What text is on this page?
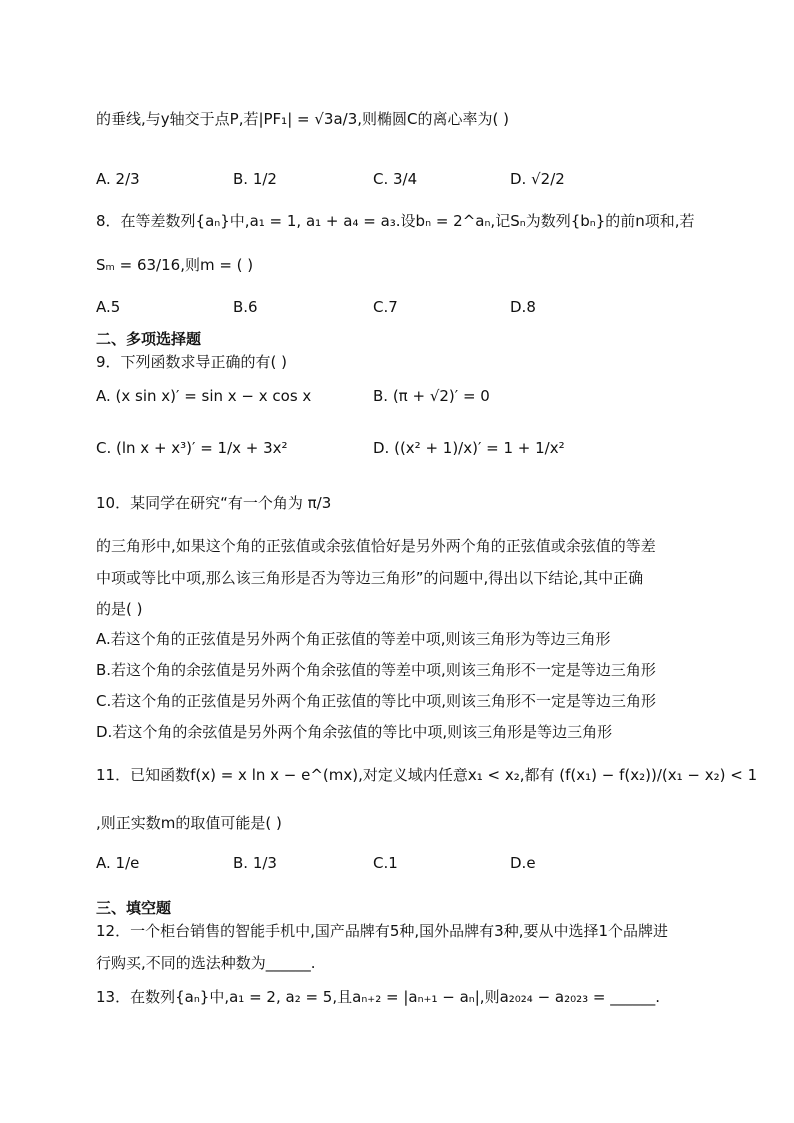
的垂线,与y轴交于点P,若|PF₁| = √3a/3,则椭圆C的离心率为( )
A. 2/3	B. 1/2	C. 3/4	D. √2/2
8．在等差数列{aₙ}中,a₁ = 1, a₁ + a₄ = a₃.设bₙ = 2^aₙ,记Sₙ为数列{bₙ}的前n项和,若
Sₘ = 63/16,则m = ( )
A.5	B.6	C.7	D.8
二、多项选择题
9．下列函数求导正确的有( )
A. (x sin x)′ = sin x − x cos x	B. (π + √2)′ = 0
C. (ln x + x³)′ = 1/x + 3x²	D. ((x² + 1)/x)′ = 1 + 1/x²
10．某同学在研究“有一个角为 π/3
的三角形中,如果这个角的正弦值或余弦值恰好是另外两个角的正弦值或余弦值的等差
中项或等比中项,那么该三角形是否为等边三角形”的问题中,得出以下结论,其中正确
的是( )
A.若这个角的正弦值是另外两个角正弦值的等差中项,则该三角形为等边三角形
B.若这个角的余弦值是另外两个角余弦值的等差中项,则该三角形不一定是等边三角形
C.若这个角的正弦值是另外两个角正弦值的等比中项,则该三角形不一定是等边三角形
D.若这个角的余弦值是另外两个角余弦值的等比中项,则该三角形是等边三角形
11．已知函数f(x) = x ln x − e^(mx),对定义域内任意x₁ < x₂,都有 (f(x₁) − f(x₂))/(x₁ − x₂) < 1
,则正实数m的取值可能是( )
A. 1/e	B. 1/3	C.1	D.e
三、填空题
12．一个柜台销售的智能手机中,国产品牌有5种,国外品牌有3种,要从中选择1个品牌进
行购买,不同的选法种数为______.
13．在数列{aₙ}中,a₁ = 2, a₂ = 5,且aₙ₊₂ = |aₙ₊₁ − aₙ|,则a₂₀₂₄ − a₂₀₂₃ = ______.
